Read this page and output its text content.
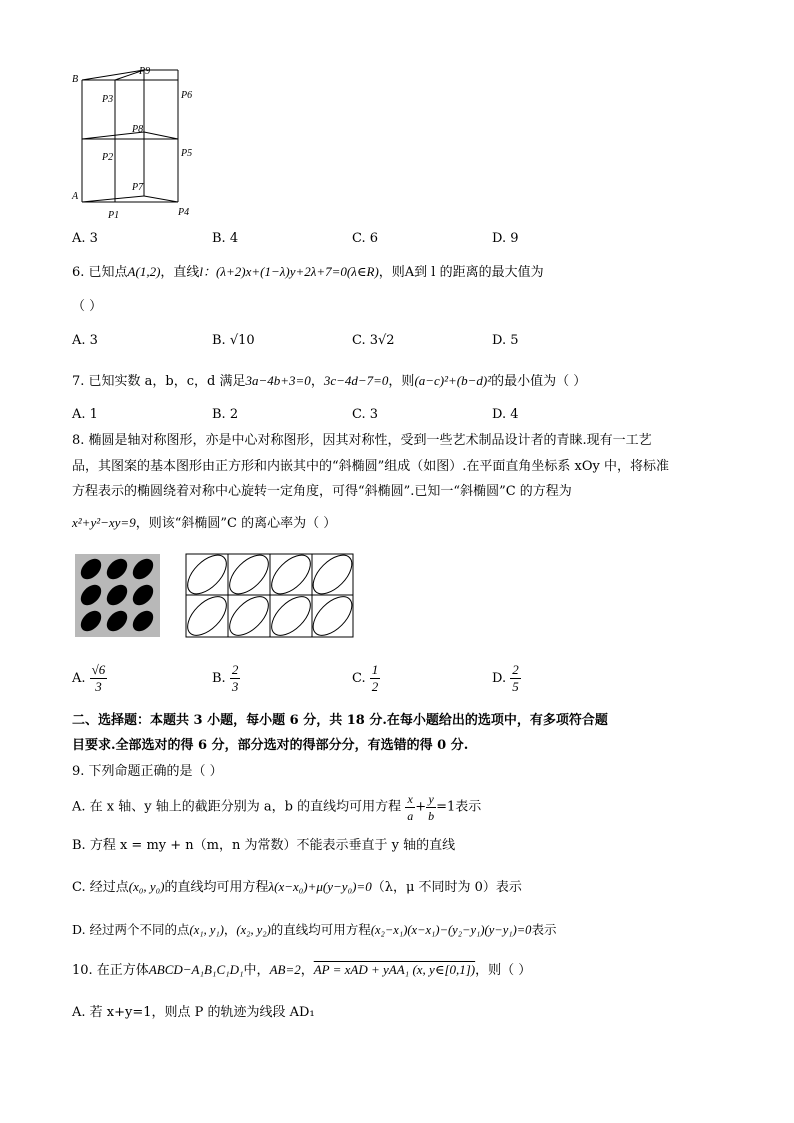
B
A
P9
P6
P3
P8
P2	P5
P7
P1	P4
A. 3	B. 4	C. 6	D. 9
6. 已知点A(1,2)，直线l：(λ+2)x+(1−λ)y+2λ+7=0(λ∈R)，则A到 l 的距离的最大值为
（ ）
A. 3	B. √10	C. 3√2	D. 5
7. 已知实数 a，b，c，d 满足3a−4b+3=0，3c−4d−7=0，则(a−c)²+(b−d)²的最小值为（ ）
A. 1	B. 2	C. 3	D. 4
8. 椭圆是轴对称图形，亦是中心对称图形，因其对称性，受到一些艺术制品设计者的青睐.现有一工艺
品，其图案的基本图形由正方形和内嵌其中的“斜椭圆”组成（如图）.在平面直角坐标系 xOy 中，将标准
方程表示的椭圆绕着对称中心旋转一定角度，可得“斜椭圆”.已知一“斜椭圆”C 的方程为
x²+y²−xy=9，则该“斜椭圆”C 的离心率为（ ）
A. $\frac{√6}{3}$	B. $\frac{2}{3}$	C. $\frac{1}{2}$	D. $\frac{2}{5}$
二、选择题：本题共 3 小题，每小题 6 分，共 18 分.在每小题给出的选项中，有多项符合题
目要求.全部选对的得 6 分，部分选对的得部分分，有选错的得 0 分.
9. 下列命题正确的是（ ）
A. 在 x 轴、y 轴上的截距分别为 a，b 的直线均可用方程 $\frac{x}{a} + \frac{y}{b} =1$表示
B. 方程 x = my + n（m，n 为常数）不能表示垂直于 y 轴的直线
C. 经过点(x₀, y₀)的直线均可用方程λ(x−x₀)+μ(y−y₀)=0（λ，μ 不同时为 0）表示
D. 经过两个不同的点(x₁, y₁)，(x₂, y₂)的直线均可用方程(x₂−x₁)(x−x₁)−(y₂−y₁)(y−y₁)=0表示
10. 在正方体ABCD−A₁B₁C₁D₁中，AB=2，AP = xAD + yAA₁ (x, y∈[0,1])，则（ ）
A. 若 x+y=1，则点 P 的轨迹为线段 AD₁
